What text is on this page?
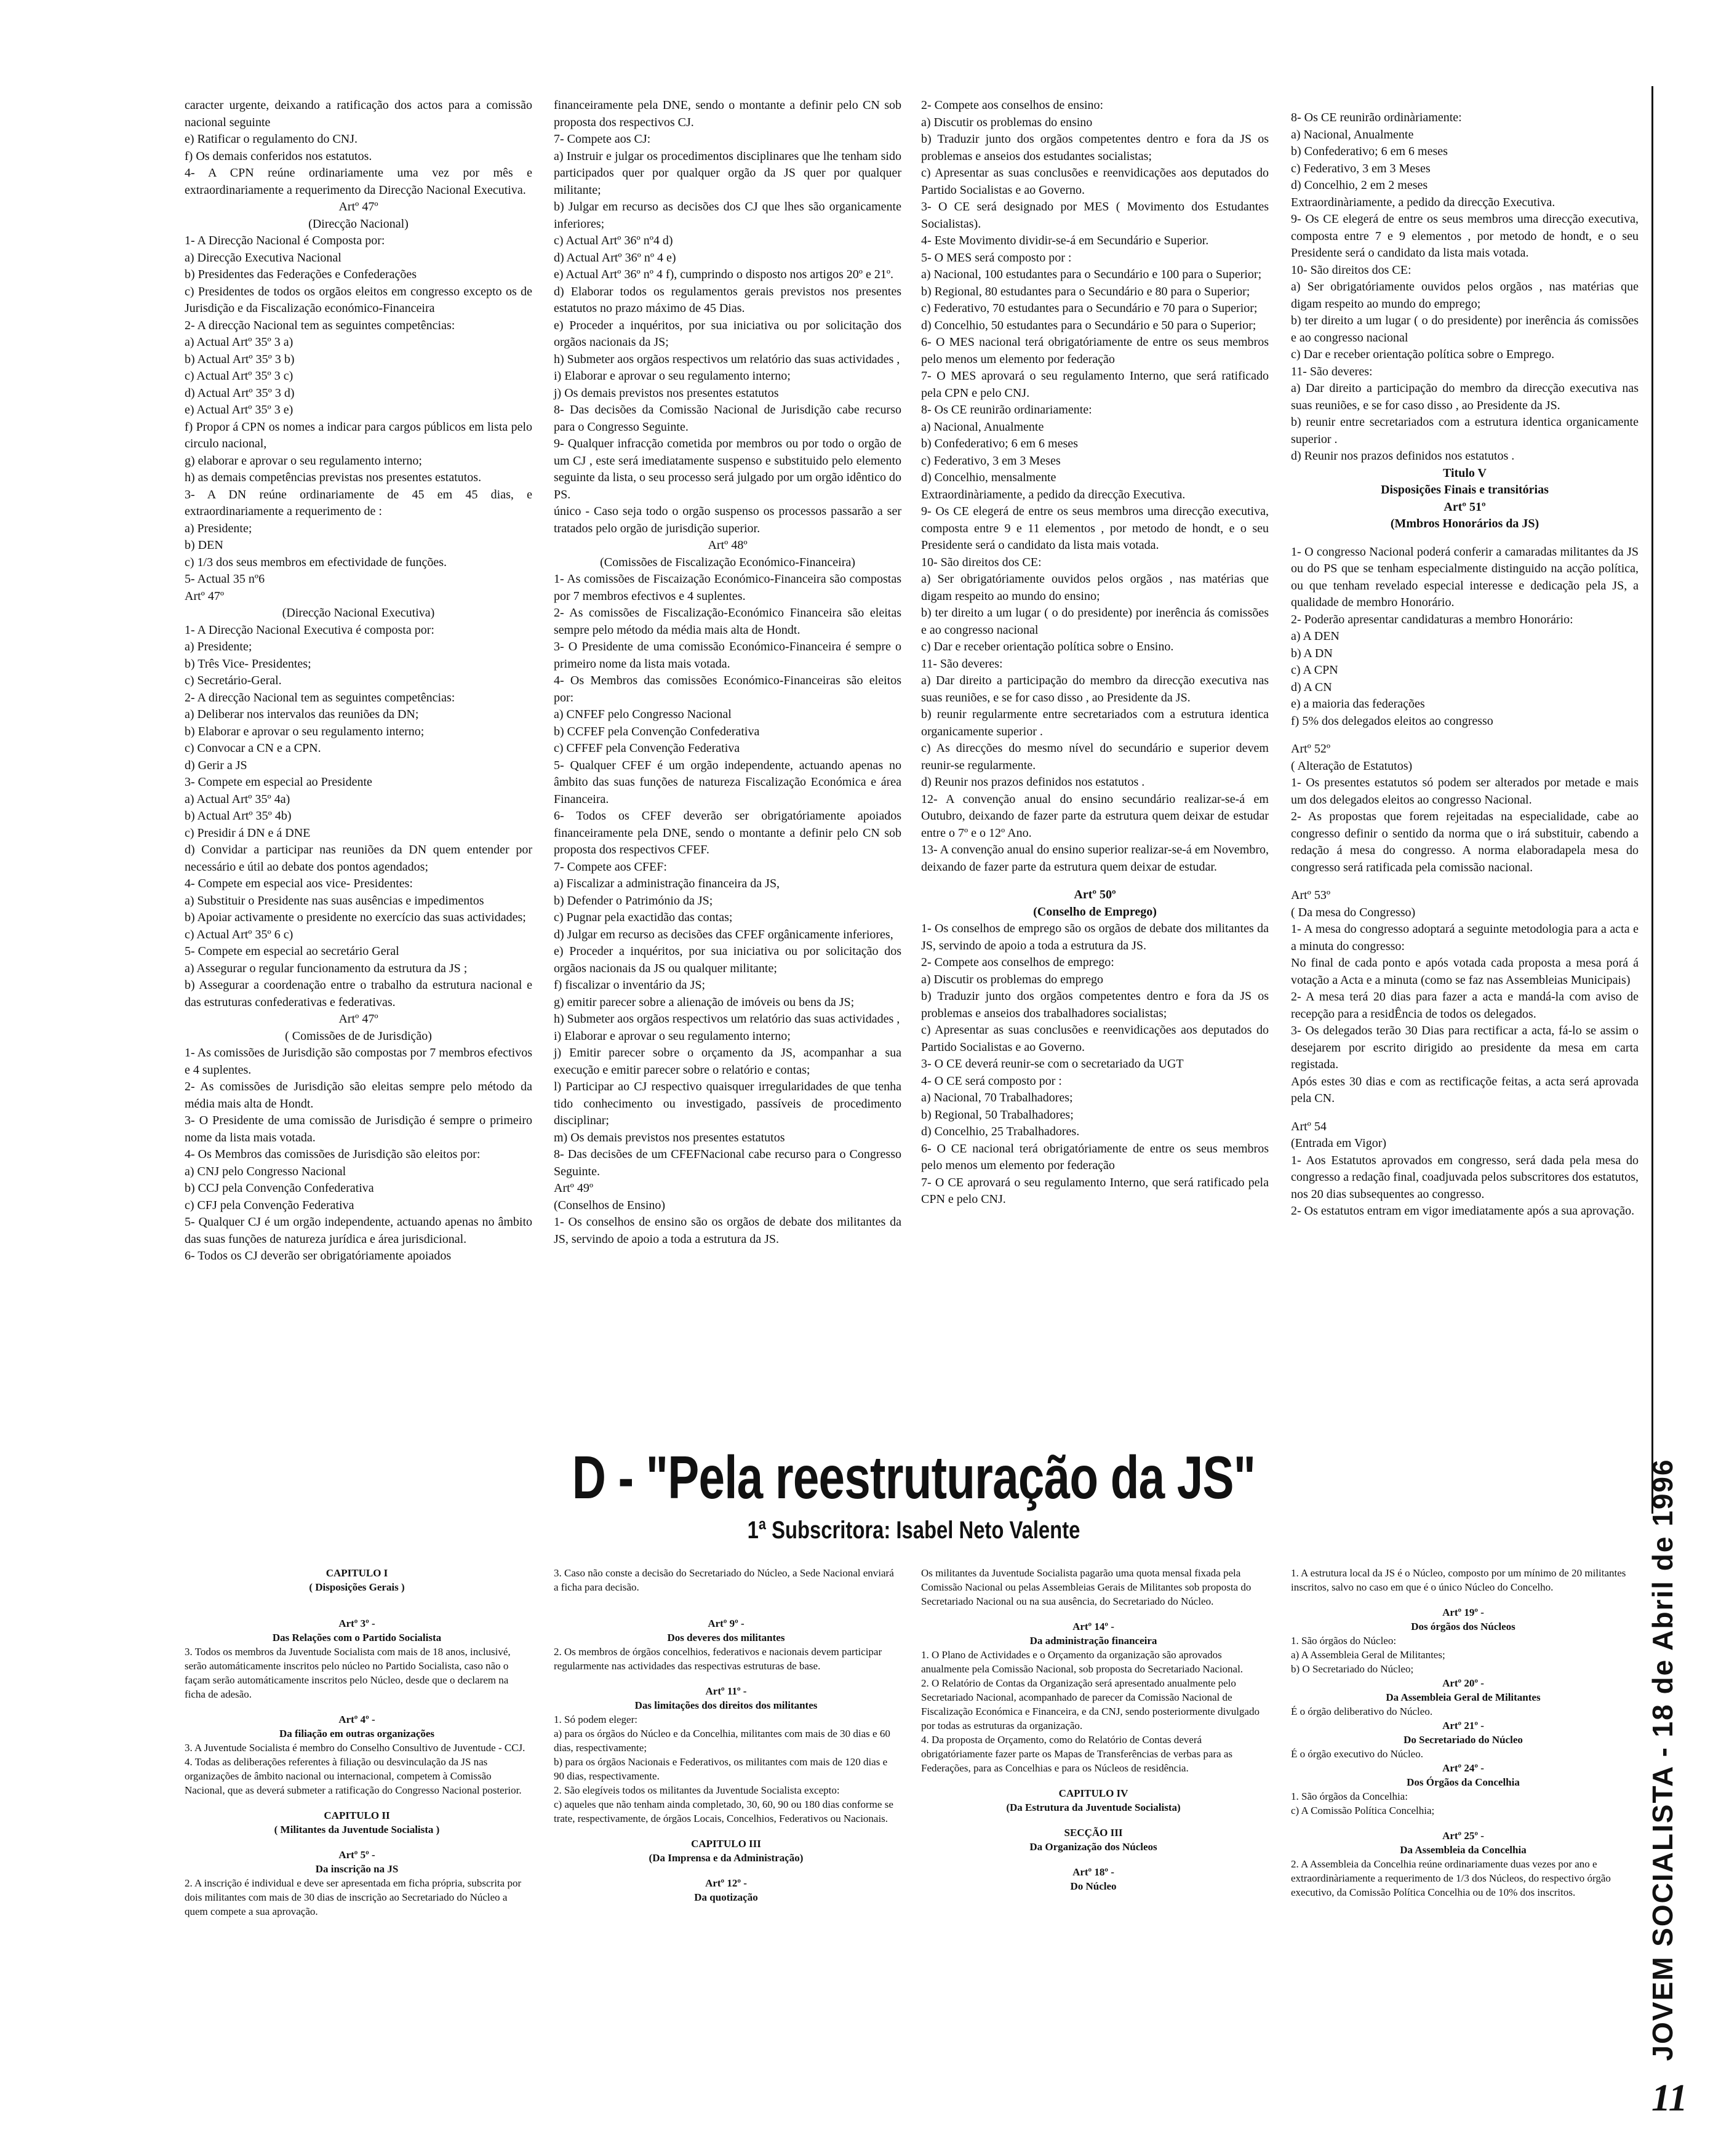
caracter urgente, deixando a ratificação dos actos para a comissão nacional seguinte

e) Ratificar o regulamento do CNJ.

f) Os demais conferidos nos estatutos.

4- A CPN reúne ordinariamente uma vez por mês e extraordinariamente a requerimento da Direcção Nacional Executiva.

Artº 47º

(Direcção Nacional)

1- A Direcção Nacional é Composta por:

a) Direcção Executiva Nacional

b) Presidentes das Federações e Confederações

c) Presidentes de todos os orgãos eleitos em congresso excepto os de Jurisdição e da Fiscalização económico-Financeira

2- A direcção Nacional tem as seguintes competências:

a) Actual Artº 35º 3 a)

b) Actual Artº 35º 3 b)

c) Actual Artº 35º 3 c)

d) Actual Artº 35º 3 d)

e) Actual Artº 35º 3 e)

f) Propor á CPN os nomes a indicar para cargos públicos em lista pelo circulo nacional,

g) elaborar e aprovar o seu regulamento interno;

h) as demais competências previstas nos presentes estatutos.

3- A DN reúne ordinariamente de 45 em 45 dias, e extraordinariamente a requerimento de :

a) Presidente;

b) DEN

c) 1/3 dos seus membros em efectividade de funções.

5- Actual 35 nº6

Artº 47º

(Direcção Nacional Executiva)

1- A Direcção Nacional Executiva é composta por:

a) Presidente;

b) Três Vice- Presidentes;

c) Secretário-Geral.

2- A direcção Nacional tem as seguintes competências:

a) Deliberar nos intervalos das reuniões da DN;

b) Elaborar e aprovar o seu regulamento interno;

c) Convocar a CN e a CPN.

d) Gerir a JS

3- Compete em especial ao Presidente

a) Actual Artº 35º 4a)

b) Actual Artº 35º 4b)

c) Presidir á DN e á DNE

d) Convidar a participar nas reuniões da DN quem entender por necessário e útil ao debate dos pontos agendados;

4- Compete em especial aos vice- Presidentes:

a) Substituir o Presidente nas suas ausências e impedimentos

b) Apoiar activamente o presidente no exercício das suas actividades;

c) Actual Artº 35º 6 c)

5- Compete em especial ao secretário Geral

a) Assegurar o regular funcionamento da estrutura da JS ;

b) Assegurar a coordenação entre o trabalho da estrutura nacional e das estruturas confederativas e federativas.

Artº 47º

( Comissões de de Jurisdição)

1- As comissões de Jurisdição são compostas por 7 membros efectivos e 4 suplentes.

2- As comissões de Jurisdição são eleitas sempre pelo método da média mais alta de Hondt.

3- O Presidente de uma comissão de Jurisdição é sempre o primeiro nome da lista mais votada.

4- Os Membros das comissões de Jurisdição são eleitos por:

a) CNJ pelo Congresso Nacional

b) CCJ pela Convenção Confederativa

c) CFJ pela Convenção Federativa

5- Qualquer CJ é um orgão independente, actuando apenas no âmbito das suas funções de natureza jurídica e área jurisdicional.

6- Todos os CJ deverão ser obrigatóriamente apoiados

financeiramente pela DNE, sendo o montante a definir pelo CN sob proposta dos respectivos CJ.

7- Compete aos CJ:

a) Instruir e julgar os procedimentos disciplinares que lhe tenham sido participados quer por qualquer orgão da JS quer por qualquer militante;

b) Julgar em recurso as decisões dos CJ que lhes são organicamente inferiores;

c) Actual Artº 36º nº4 d)

d) Actual Artº 36º nº 4 e)

e) Actual Artº 36º nº 4 f), cumprindo o disposto nos artigos 20º e 21º.

d) Elaborar todos os regulamentos gerais previstos nos presentes estatutos no prazo máximo de 45 Dias.

e) Proceder a inquéritos, por sua iniciativa ou por solicitação dos orgãos nacionais da JS;

h) Submeter aos orgãos respectivos um relatório das suas actividades ,

i) Elaborar e aprovar o seu regulamento interno;

j) Os demais previstos nos presentes estatutos

8- Das decisões da Comissão Nacional de Jurisdição cabe recurso para o Congresso Seguinte.

9- Qualquer infracção cometida por membros ou por todo o orgão de um CJ , este será imediatamente suspenso e substituido pelo elemento seguinte da lista, o seu processo será julgado por um orgão idêntico do PS.

único - Caso seja todo o orgão suspenso os processos passarão a ser tratados pelo orgão de jurisdição superior.

Artº 48º

(Comissões de Fiscalização Económico-Financeira)

1- As comissões de Fiscaização Económico-Financeira são compostas por 7 membros efectivos e 4 suplentes.

2- As comissões de Fiscalização-Económico Financeira são eleitas sempre pelo método da média mais alta de Hondt.

3- O Presidente de uma comissão Económico-Financeira é sempre o primeiro nome da lista mais votada.

4- Os Membros das comissões Económico-Financeiras são eleitos por:

a) CNFEF pelo Congresso Nacional

b) CCFEF pela Convenção Confederativa

c) CFFEF pela Convenção Federativa

5- Qualquer CFEF é um orgão independente, actuando apenas no âmbito das suas funções de natureza Fiscalização Económica e área Financeira.

6- Todos os CFEF deverão ser obrigatóriamente apoiados financeiramente pela DNE, sendo o montante a definir pelo CN sob proposta dos respectivos CFEF.

7- Compete aos CFEF:

a) Fiscalizar a administração financeira da JS,

b) Defender o Património da JS;

c) Pugnar pela exactidão das contas;

d) Julgar em recurso as decisões das CFEF orgânicamente inferiores,

e) Proceder a inquéritos, por sua iniciativa ou por solicitação dos orgãos nacionais da JS ou qualquer militante;

f) fiscalizar o inventário da JS;

g) emitir parecer sobre a alienação de imóveis ou bens da JS;

h) Submeter aos orgãos respectivos um relatório das suas actividades ,

i) Elaborar e aprovar o seu regulamento interno;

j) Emitir parecer sobre o orçamento da JS, acompanhar a sua execução e emitir parecer sobre o relatório e contas;

l) Participar ao CJ respectivo quaisquer irregularidades de que tenha tido conhecimento ou investigado, passíveis de procedimento disciplinar;

m) Os demais previstos nos presentes estatutos

8- Das decisões de um CFEFNacional cabe recurso para o Congresso Seguinte.

Artº 49º

(Conselhos de Ensino)

1- Os conselhos de ensino são os orgãos de debate dos militantes da JS, servindo de apoio a toda a estrutura da JS.

2- Compete aos conselhos de ensino:

a) Discutir os problemas do ensino

b) Traduzir junto dos orgãos competentes dentro e fora da JS os problemas e anseios dos estudantes socialistas;

c) Apresentar as suas conclusões e reenvidicações aos deputados do Partido Socialistas e ao Governo.

3- O CE será designado por MES ( Movimento dos Estudantes Socialistas).

4- Este Movimento dividir-se-á em Secundário e Superior.

5- O MES será composto por :

a) Nacional, 100 estudantes para o Secundário e 100 para o Superior;

b) Regional, 80 estudantes para o Secundário e 80 para o Superior;

c) Federativo, 70 estudantes para o Secundário e 70 para o Superior;

d) Concelhio, 50 estudantes para o Secundário e 50 para o Superior;

6- O MES nacional terá obrigatóriamente de entre os seus membros pelo menos um elemento por federação

7- O MES aprovará o seu regulamento Interno, que será ratificado pela CPN e pelo CNJ.

8- Os CE reunirão ordinariamente:

a) Nacional, Anualmente

b) Confederativo; 6 em 6 meses

c) Federativo, 3 em 3 Meses

d) Concelhio, mensalmente

Extraordinàriamente, a pedido da direcção Executiva.

9- Os CE elegerá de entre os seus membros uma direcção executiva, composta entre 9 e 11 elementos , por metodo de hondt, e o seu Presidente será o candidato da lista mais votada.

10- São direitos dos CE:

a) Ser obrigatóriamente ouvidos pelos orgãos , nas matérias que digam respeito ao mundo do ensino;

b) ter direito a um lugar ( o do presidente) por inerência ás comissões e ao congresso nacional

c) Dar e receber orientação política sobre o Ensino.

11- São deveres:

a) Dar direito a participação do membro da direcção executiva nas suas reuniões, e se for caso disso , ao Presidente da JS.

b) reunir regularmente entre secretariados com a estrutura identica organicamente superior .

c) As direcções do mesmo nível do secundário e superior devem reunir-se regularmente.

d) Reunir nos prazos definidos nos estatutos .

12- A convenção anual do ensino secundário realizar-se-á em Outubro, deixando de fazer parte da estrutura quem deixar de estudar entre o 7º e o 12º Ano.

13- A convenção anual do ensino superior realizar-se-á em Novembro, deixando de fazer parte da estrutura quem deixar de estudar.

Artº 50º

(Conselho de Emprego)

1- Os conselhos de emprego são os orgãos de debate dos militantes da JS, servindo de apoio a toda a estrutura da JS.

2- Compete aos conselhos de emprego:

a) Discutir os problemas do emprego

b) Traduzir junto dos orgãos competentes dentro e fora da JS os problemas e anseios dos trabalhadores socialistas;

c) Apresentar as suas conclusões e reenvidicações aos deputados do Partido Socialistas e ao Governo.

3- O CE deverá reunir-se com o secretariado da UGT

4- O CE será composto por :

a) Nacional, 70 Trabalhadores;

b) Regional, 50 Trabalhadores;

d) Concelhio, 25 Trabalhadores.

6- O CE nacional terá obrigatóriamente de entre os seus membros pelo menos um elemento por federação

7- O CE aprovará o seu regulamento Interno, que será ratificado pela CPN e pelo CNJ.

8- Os CE reunirão ordinàriamente:

a) Nacional, Anualmente

b) Confederativo; 6 em 6 meses

c) Federativo, 3 em 3 Meses

d) Concelhio, 2 em 2 meses

Extraordinàriamente, a pedido da direcção Executiva.

9- Os CE elegerá de entre os seus membros uma direcção executiva, composta entre 7 e 9 elementos , por metodo de hondt, e o seu Presidente será o candidato da lista mais votada.

10- São direitos dos CE:

a) Ser obrigatóriamente ouvidos pelos orgãos , nas matérias que digam respeito ao mundo do emprego;

b) ter direito a um lugar ( o do presidente) por inerência ás comissões e ao congresso nacional

c) Dar e receber orientação política sobre o Emprego.

11- São deveres:

a) Dar direito a participação do membro da direcção executiva nas suas reuniões, e se for caso disso , ao Presidente da JS.

b) reunir entre secretariados com a estrutura identica organicamente superior .

d) Reunir nos prazos definidos nos estatutos .

Titulo V

Disposições Finais e transitórias

Artº 51º

(Mmbros Honorários da JS)

1- O congresso Nacional poderá conferir a camaradas militantes da JS ou do PS que se tenham especialmente distinguido na acção política, ou que tenham revelado especial interesse e dedicação pela JS, a qualidade de membro Honorário.

2- Poderão apresentar candidaturas a membro Honorário:

a) A DEN

b) A DN

c) A CPN

d) A CN

e) a maioria das federações

f) 5% dos delegados eleitos ao congresso

Artº 52º

( Alteração de Estatutos)

1- Os presentes estatutos só podem ser alterados por metade e mais um dos delegados eleitos ao congresso Nacional.

2- As propostas que forem rejeitadas na especialidade, cabe ao congresso definir o sentido da norma que o irá substituir, cabendo a redação á mesa do congresso. A norma elaboradapela mesa do congresso será ratificada pela comissão nacional.

Artº 53º

( Da mesa do Congresso)

1- A mesa do congresso adoptará a seguinte metodologia para a acta e a minuta do congresso:

No final de cada ponto e após votada cada proposta a mesa porá á votação a Acta e a minuta (como se faz nas Assembleias Municipais)

2- A mesa terá 20 dias para fazer a acta e mandá-la com aviso de recepção para a residÊncia de todos os delegados.

3- Os delegados terão 30 Dias para rectificar a acta, fá-lo se assim o desejarem por escrito dirigido ao presidente da mesa em carta registada.

Após estes 30 dias e com as rectificaçõe feitas, a acta será aprovada pela CN.

Artº 54

(Entrada em Vigor)

1- Aos Estatutos aprovados em congresso, será dada pela mesa do congresso a redação final, coadjuvada pelos subscritores dos estatutos, nos 20 dias subsequentes ao congresso.

2- Os estatutos entram em vigor imediatamente após a sua aprovação.

D - "Pela reestruturação da JS"
1ª Subscritora: Isabel Neto Valente

CAPITULO I

( Disposições Gerais )

Artº 3º -

Das Relações com o Partido Socialista

3. Todos os membros da Juventude Socialista com mais de 18 anos, inclusivé, serão automáticamente inscritos pelo núcleo no Partido Socialista, caso não o façam serão automáticamente inscritos pelo Núcleo, desde que o declarem na ficha de adesão.

Artº 4º -

Da filiação em outras organizações

3. A Juventude Socialista é membro do Conselho Consultivo de Juventude - CCJ.

4. Todas as deliberações referentes à filiação ou desvinculação da JS nas organizações de âmbito nacional ou internacional, competem à Comissão Nacional, que as deverá submeter a ratificação do Congresso Nacional posterior.

CAPITULO II

( Militantes da Juventude Socialista )

Artº 5º -

Da inscrição na JS

2. A inscrição é individual e deve ser apresentada em ficha própria, subscrita por dois militantes com mais de 30 dias de inscrição ao Secretariado do Núcleo a quem compete a sua aprovação.

3. Caso não conste a decisão do Secretariado do Núcleo, a Sede Nacional enviará a ficha para decisão.

Artº 9º -

Dos deveres dos militantes

2. Os membros de órgãos concelhios, federativos e nacionais devem participar regularmente nas actividades das respectivas estruturas de base.

Artº 11º -

Das limitações dos direitos dos militantes

1. Só podem eleger:

a) para os órgãos do Núcleo e da Concelhia, militantes com mais de 30 dias e 60 dias, respectivamente;

b) para os órgãos Nacionais e Federativos, os militantes com mais de 120 dias e 90 dias, respectivamente.

2. São elegíveis todos os militantes da Juventude Socialista excepto:

c) aqueles que não tenham ainda completado, 30, 60, 90 ou 180 dias conforme se trate, respectivamente, de órgãos Locais, Concelhios, Federativos ou Nacionais.

CAPITULO III

(Da Imprensa e da Administração)

Artº 12º -

Da quotização

Os militantes da Juventude Socialista pagarão uma quota mensal fixada pela Comissão Nacional ou pelas Assembleias Gerais de Militantes sob proposta do Secretariado Nacional ou na sua ausência, do Secretariado do Núcleo.

Artº 14º -

Da administração financeira

1. O Plano de Actividades e o Orçamento da organização são aprovados anualmente pela Comissão Nacional, sob proposta do Secretariado Nacional.

2. O Relatório de Contas da Organização será apresentado anualmente pelo Secretariado Nacional, acompanhado de parecer da Comissão Nacional de Fiscalização Económica e Financeira, e da CNJ, sendo posteriormente divulgado por todas as estruturas da organização.

4. Da proposta de Orçamento, como do Relatório de Contas deverá obrigatóriamente fazer parte os Mapas de Transferências de verbas para as Federações, para as Concelhias e para os Núcleos de residência.

CAPITULO IV

(Da Estrutura da Juventude Socialista)

SECÇÃO III

Da Organização dos Núcleos

Artº 18º -

Do Núcleo

1. A estrutura local da JS é o Núcleo, composto por um mínimo de 20 militantes inscritos, salvo no caso em que é o único Núcleo do Concelho.

Artº 19º -

Dos órgãos dos Núcleos

1. São órgãos do Núcleo:

a) A Assembleia Geral de Militantes;

b) O Secretariado do Núcleo;

Artº 20º -

Da Assembleia Geral de Militantes

É o órgão deliberativo do Núcleo.

Artº 21º -

Do Secretariado do Núcleo

É o órgão executivo do Núcleo.

Artº 24º -

Dos Órgãos da Concelhia

1. São órgãos da Concelhia:

c) A Comissão Política Concelhia;

Artº 25º -

Da Assembleia da Concelhia

2. A Assembleia da Concelhia reúne ordinariamente duas vezes por ano e extraordinàriamente a requerimento de 1/3 dos Núcleos, do respectivo órgão executivo, da Comissão Política Concelhia ou de 10% dos inscritos.	JOVEM SOCIALISTA - 18 de Abril de 1996
11
